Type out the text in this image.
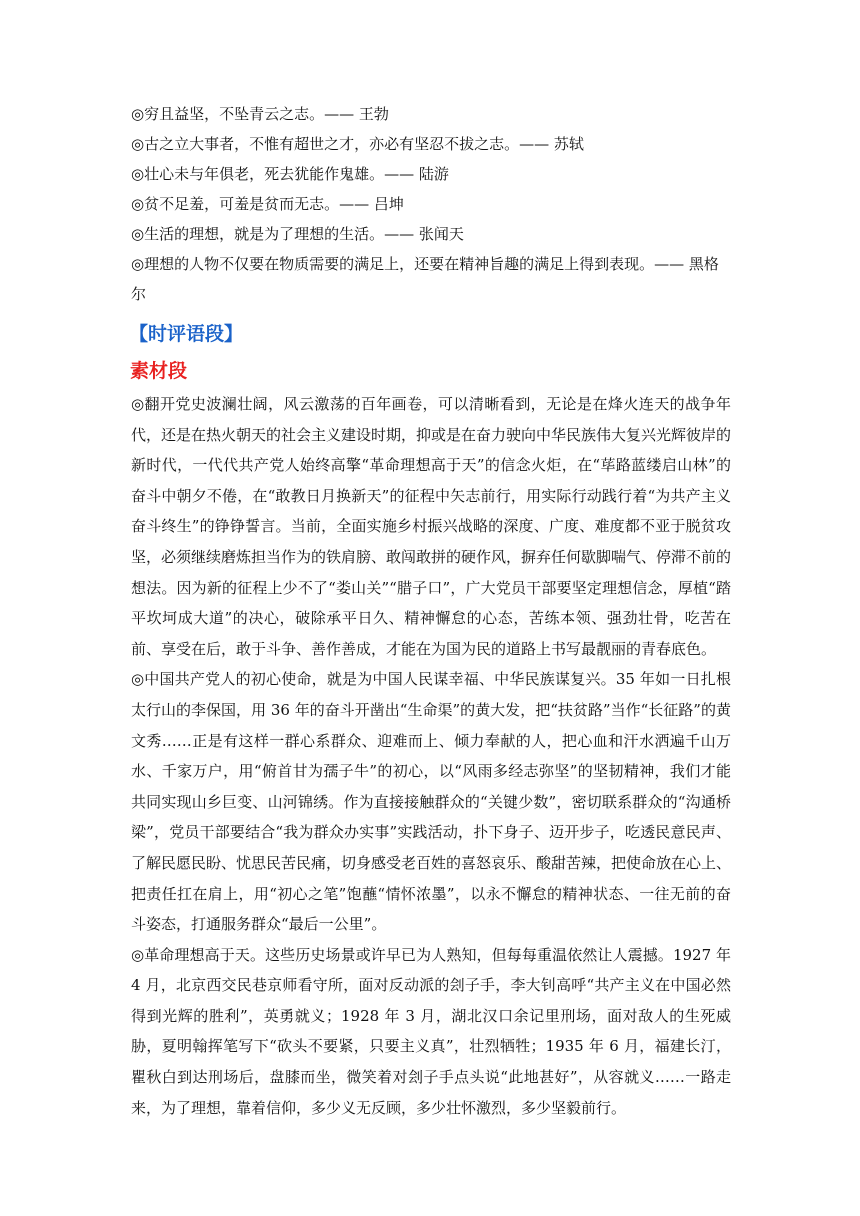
◎穷且益坚，不坠青云之志。—— 王勃

◎古之立大事者，不惟有超世之才，亦必有坚忍不拔之志。—— 苏轼

◎壮心未与年俱老，死去犹能作鬼雄。—— 陆游

◎贫不足羞，可羞是贫而无志。—— 吕坤

◎生活的理想，就是为了理想的生活。—— 张闻天

◎理想的人物不仅要在物质需要的满足上，还要在精神旨趣的满足上得到表现。—— 黑格尔

【时评语段】
素材段

◎翻开党史波澜壮阔，风云激荡的百年画卷，可以清晰看到，无论是在烽火连天的战争年代，还是在热火朝天的社会主义建设时期，抑或是在奋力驶向中华民族伟大复兴光辉彼岸的新时代，一代代共产党人始终高擎“革命理想高于天”的信念火炬，在“荜路蓝缕启山林”的奋斗中朝夕不倦，在“敢教日月换新天”的征程中矢志前行，用实际行动践行着“为共产主义奋斗终生”的铮铮誓言。当前，全面实施乡村振兴战略的深度、广度、难度都不亚于脱贫攻坚，必须继续磨炼担当作为的铁肩膀、敢闯敢拼的硬作风，摒弃任何歇脚喘气、停滞不前的想法。因为新的征程上少不了“娄山关”“腊子口”，广大党员干部要坚定理想信念，厚植“踏平坎坷成大道”的决心，破除承平日久、精神懈怠的心态，苦练本领、强劲壮骨，吃苦在前、享受在后，敢于斗争、善作善成，才能在为国为民的道路上书写最靓丽的青春底色。

◎中国共产党人的初心使命，就是为中国人民谋幸福、中华民族谋复兴。35 年如一日扎根太行山的李保国，用 36 年的奋斗开凿出“生命渠”的黄大发，把“扶贫路”当作“长征路”的黄文秀……正是有这样一群心系群众、迎难而上、倾力奉献的人，把心血和汗水洒遍千山万水、千家万户，用“俯首甘为孺子牛”的初心，以“风雨多经志弥坚”的坚韧精神，我们才能共同实现山乡巨变、山河锦绣。作为直接接触群众的“关键少数”，密切联系群众的“沟通桥梁”，党员干部要结合“我为群众办实事”实践活动，扑下身子、迈开步子，吃透民意民声、了解民愿民盼、忧思民苦民痛，切身感受老百姓的喜怒哀乐、酸甜苦辣，把使命放在心上、把责任扛在肩上，用“初心之笔”饱蘸“情怀浓墨”，以永不懈怠的精神状态、一往无前的奋斗姿态，打通服务群众“最后一公里”。

◎革命理想高于天。这些历史场景或许早已为人熟知，但每每重温依然让人震撼。1927 年 4 月，北京西交民巷京师看守所，面对反动派的刽子手，李大钊高呼“共产主义在中国必然得到光辉的胜利”，英勇就义；1928 年 3 月，湖北汉口余记里刑场，面对敌人的生死威胁，夏明翰挥笔写下“砍头不要紧，只要主义真”，壮烈牺牲；1935 年 6 月，福建长汀，瞿秋白到达刑场后，盘膝而坐，微笑着对刽子手点头说“此地甚好”，从容就义……一路走来，为了理想，靠着信仰，多少义无反顾，多少壮怀激烈，多少坚毅前行。
